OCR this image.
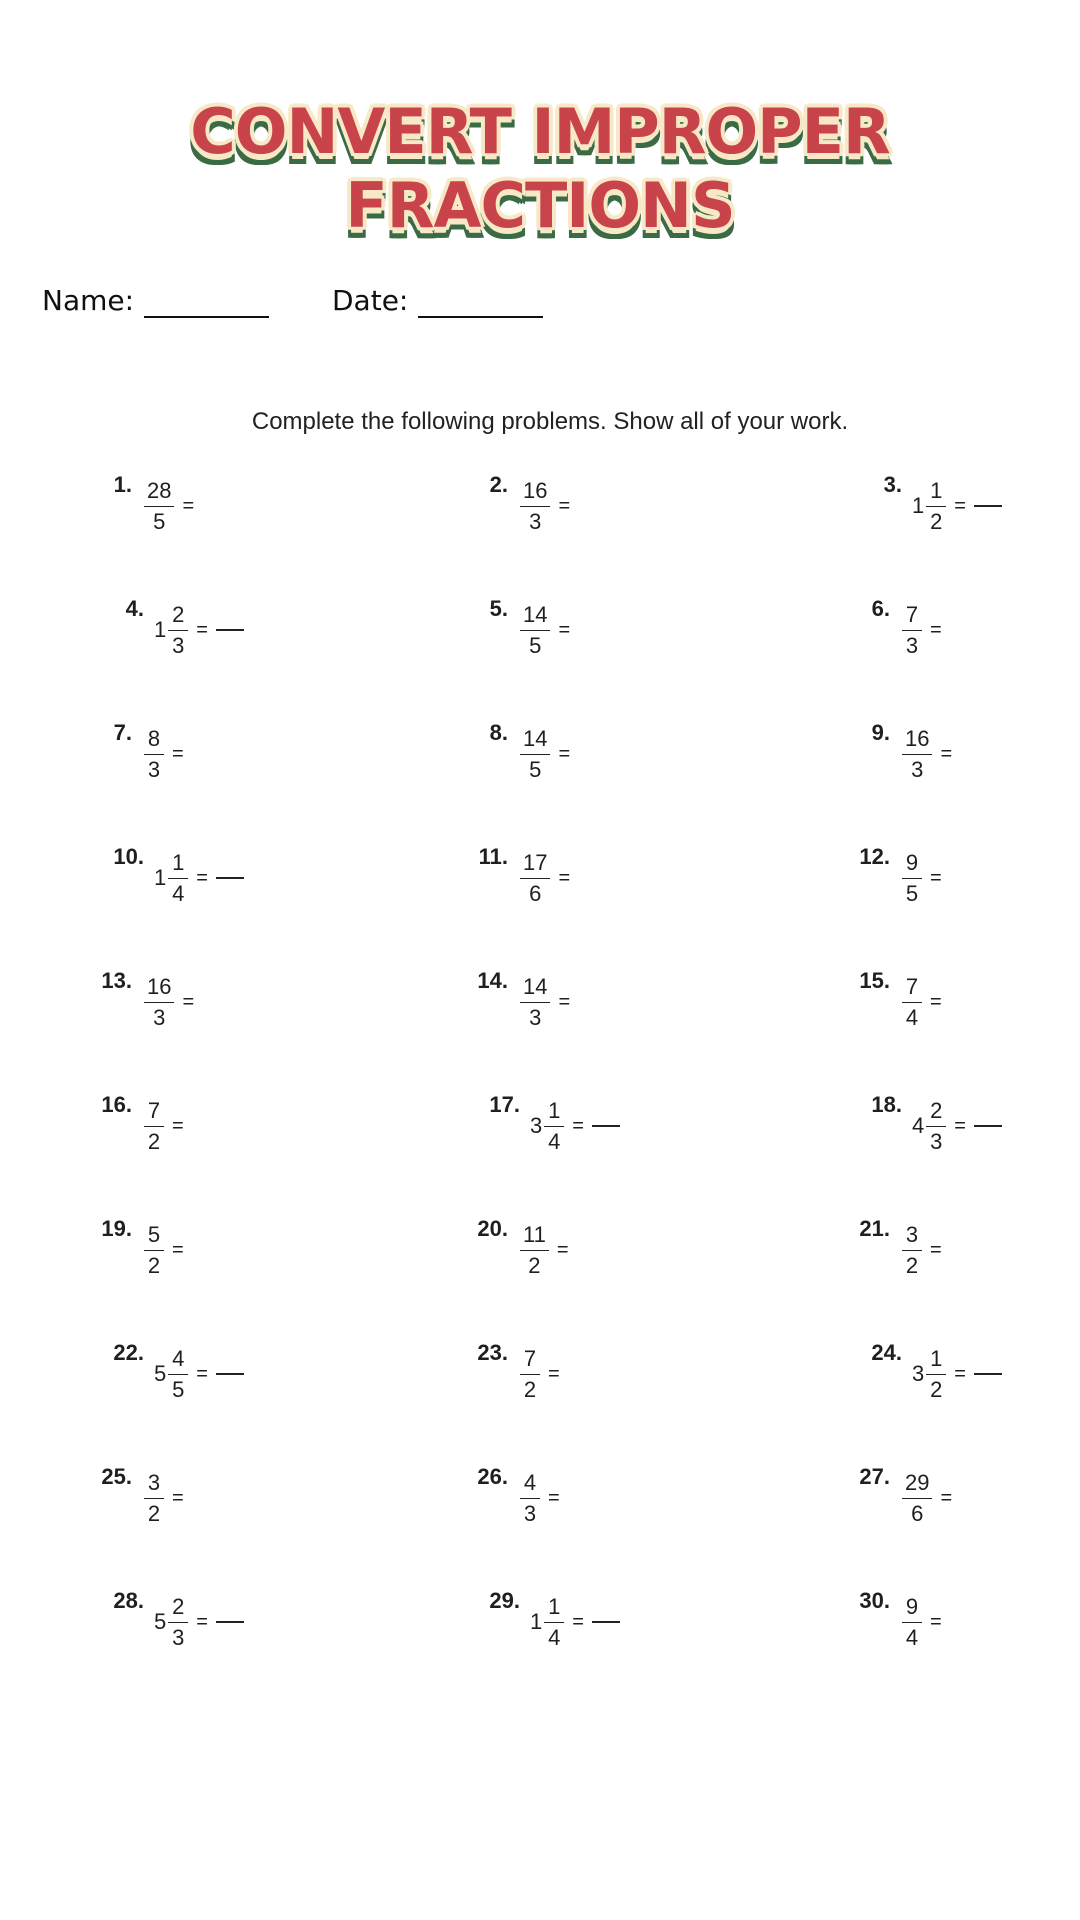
CONVERT IMPROPER
FRACTIONS
Name:	Date:
Complete the following problems. Show all of your work.
1. $\frac{28}{5}$ =
2. $\frac{16}{3}$ =
3.
$1 \frac{1}{2}$ =
4.
$1 \frac{2}{3}$ =
5. $\frac{14}{5}$ =
6. $\frac{7}{3}$ =
7. $\frac{8}{3}$ =
8. $\frac{14}{5}$ =
9. $\frac{16}{3}$ =
10.
$1 \frac{1}{4}$ =
11. $\frac{17}{6}$ =
12. $\frac{9}{5}$ =
13. $\frac{16}{3}$ =
14. $\frac{14}{3}$ =
15. $\frac{7}{4}$ =
16. $\frac{7}{2}$ =
17.
$3 \frac{1}{4}$ =
18.
$4 \frac{2}{3}$ =
19. $\frac{5}{2}$ =
20. $\frac{11}{2}$ =
21. $\frac{3}{2}$ =
22.
$5 \frac{4}{5}$ =
23. $\frac{7}{2}$ =
24.
$3 \frac{1}{2}$ =
25. $\frac{3}{2}$ =
26. $\frac{4}{3}$ =
27. $\frac{29}{6}$ =
28.
$5 \frac{2}{3}$ =
29.
$1 \frac{1}{4}$ =
30. $\frac{9}{4}$ =
